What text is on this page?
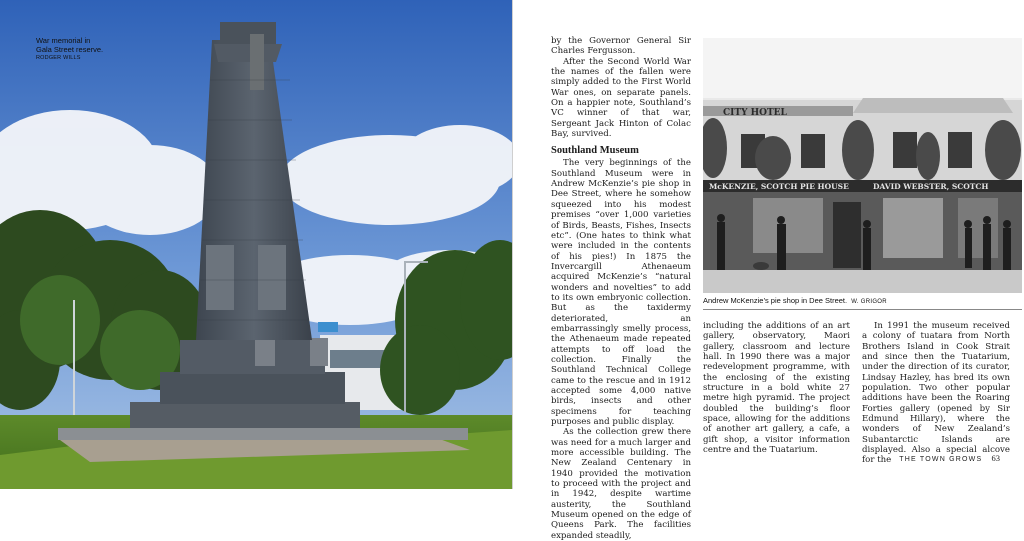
War memorial in Gala Street reserve.
RODGER WILLS

by the Governor General Sir Charles Fergusson.

After the Second World War the names of the fallen were simply added to the First World War ones, on separate panels. On a happier note, Southland’s VC winner of that war, Sergeant Jack Hinton of Colac Bay, survived.

Southland Museum

The very beginnings of the Southland Museum were in Andrew McKenzie’s pie shop in Dee Street, where he somehow squeezed into his modest premises “over 1,000 varieties of Birds, Beasts, Fishes, Insects etc”. (One hates to think what were included in the contents of his pies!) In 1875 the Invercargill Athenaeum acquired McKenzie’s “natural wonders and novelties” to add to its own embryonic collection. But as the taxidermy deteriorated, an embarrassingly smelly process, the Athenaeum made repeated attempts to off load the collection. Finally the Southland Technical College came to the rescue and in 1912 accepted some 4,000 native birds, insects and other specimens for teaching purposes and public display.

As the collection grew there was need for a much larger and more accessible building. The New Zealand Centenary in 1940 provided the motivation to proceed with the project and in 1942, despite wartime austerity, the Southland Museum opened on the edge of Queens Park. The facilities expanded steadily,

CITY HOTEL
McKENZIE, SCOTCH PIE HOUSE	DAVID WEBSTER, SCOTCH
Andrew McKenzie’s pie shop in Dee Street. W. GRIGOR

including the additions of an art gallery, observatory, Maori gallery, classroom and lecture hall. In 1990 there was a major redevelopment programme, with the enclosing of the existing structure in a bold white 27 metre high pyramid. The project doubled the building’s floor space, allowing for the additions of another art gallery, a cafe, a gift shop, a visitor information centre and the Tuatarium.

In 1991 the museum received a colony of tuatara from North Brothers Island in Cook Strait and since then the Tuatarium, under the direction of its curator, Lindsay Hazley, has bred its own population. Two other popular additions have been the Roaring Forties gallery (opened by Sir Edmund Hillary), where the wonders of New Zealand’s Subantarctic Islands are displayed. Also a special alcove for the	THE TOWN GROWS 63
